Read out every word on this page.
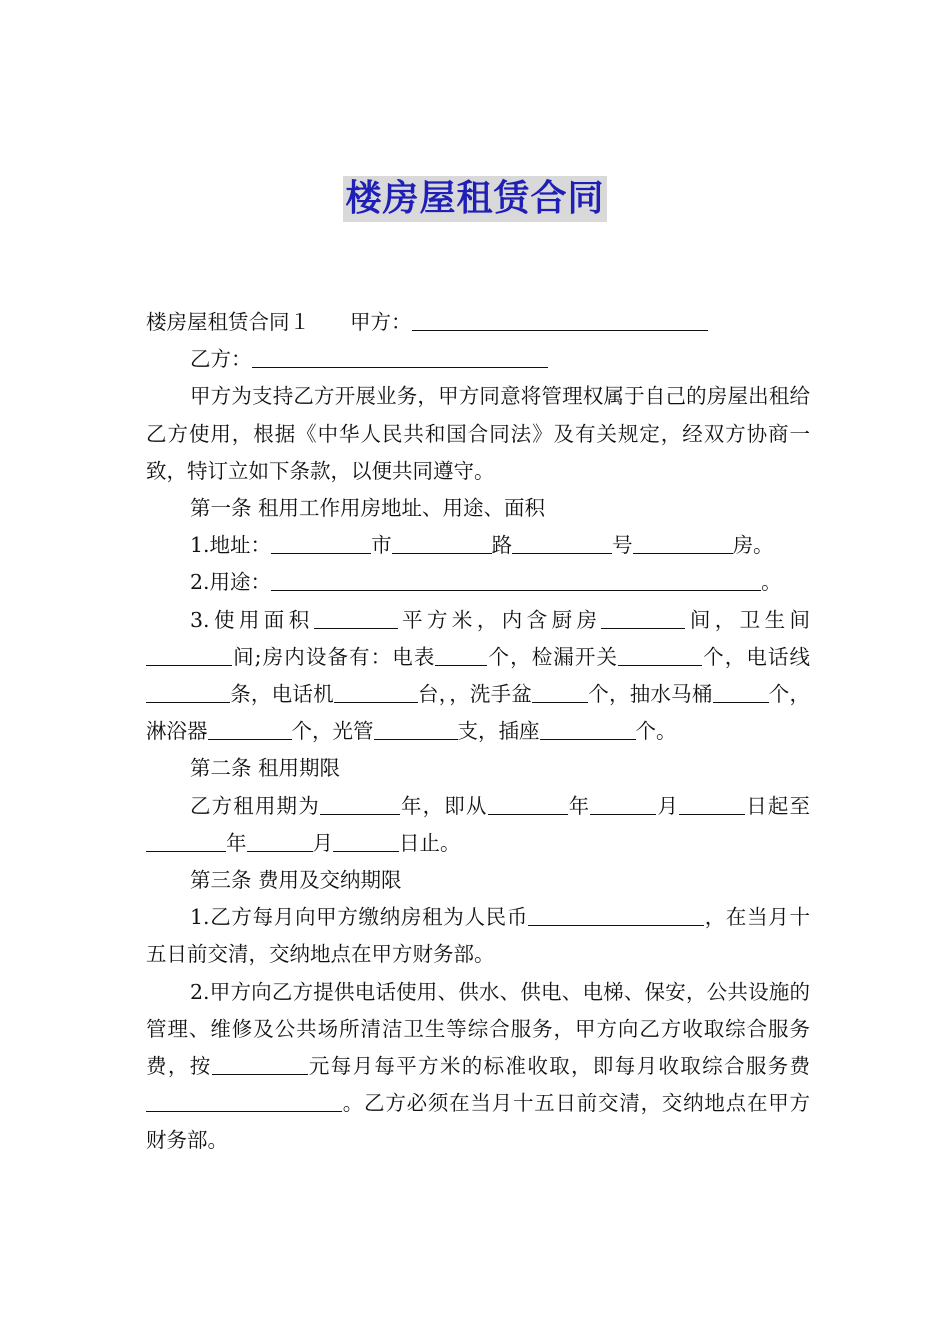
楼房屋租赁合同

楼房屋租赁合同１ 甲方：

乙方：

甲方为支持乙方开展业务，甲方同意将管理权属于自己的房屋出租给乙方使用，根据《中华人民共和国合同法》及有关规定，经双方协商一致，特订立如下条款，以便共同遵守。

第一条 租用工作用房地址、用途、面积

1.地址：	市	路	号	房。

2.用途：	。

3.使用面积	平方米，内含厨房	间，卫生间间;房内设备有：电表	个，检漏开关	个，电话线条，电话机	台，，洗手盆	个，抽水马桶	个，淋浴器	个，光管	支，插座	个。

第二条 租用期限

乙方租用期为	年，即从	年	月	日起至年	月	日止。

第三条 费用及交纳期限

1.乙方每月向甲方缴纳房租为人民币	，在当月十五日前交清，交纳地点在甲方财务部。

2.甲方向乙方提供电话使用、供水、供电、电梯、保安，公共设施的管理、维修及公共场所清洁卫生等综合服务，甲方向乙方收取综合服务费，按	元每月每平方米的标准收取，即每月收取综合服务费。乙方必须在当月十五日前交清，交纳地点在甲方财务部。
